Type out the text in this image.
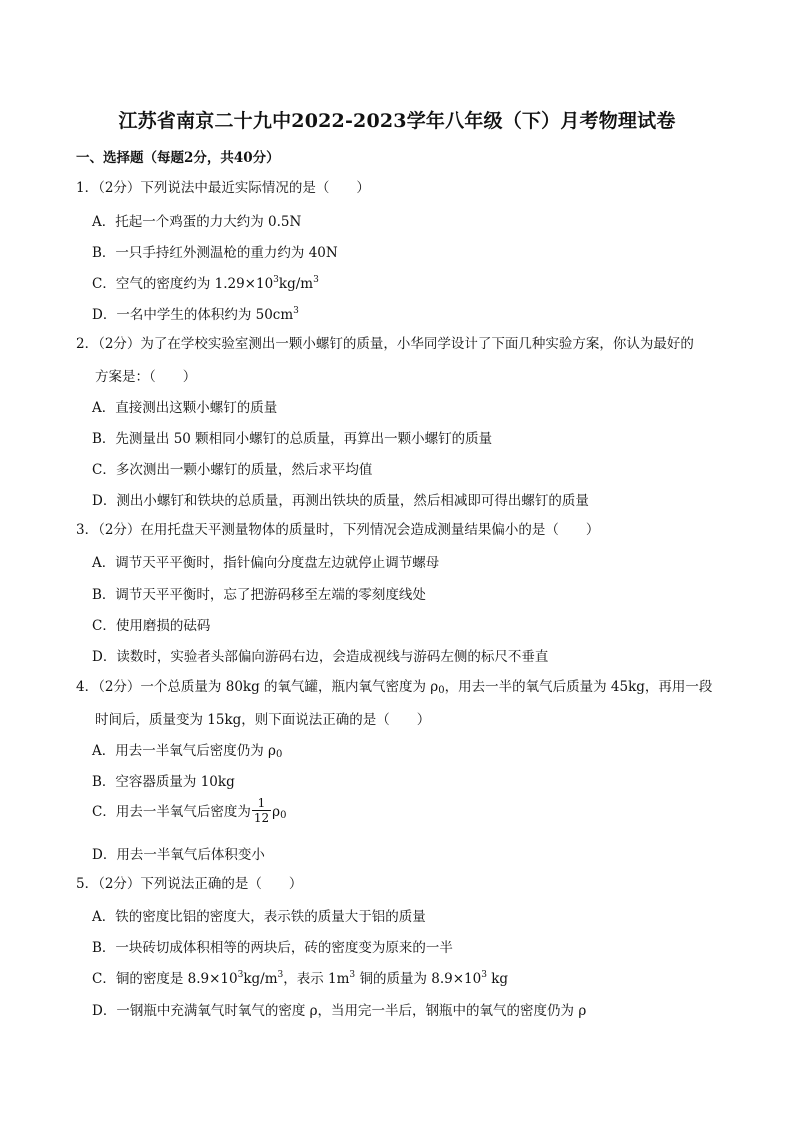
江苏省南京二十九中2022-2023学年八年级（下）月考物理试卷
一、选择题（每题2分，共40分）
1．（2分）下列说法中最近实际情况的是（　　）
A．托起一个鸡蛋的力大约为 0.5N
B．一只手持红外测温枪的重力约为 40N
C．空气的密度约为 $1.29\times 10^3kg/m^3$
D．一名中学生的体积约为 $50cm^3$
2．（2分）为了在学校实验室测出一颗小螺钉的质量，小华同学设计了下面几种实验方案，你认为最好的
方案是：（　　）
A．直接测出这颗小螺钉的质量
B．先测量出 50 颗相同小螺钉的总质量，再算出一颗小螺钉的质量
C．多次测出一颗小螺钉的质量，然后求平均值
D．测出小螺钉和铁块的总质量，再测出铁块的质量，然后相减即可得出螺钉的质量
3．（2分）在用托盘天平测量物体的质量时，下列情况会造成测量结果偏小的是（　　）
A．调节天平平衡时，指针偏向分度盘左边就停止调节螺母
B．调节天平平衡时，忘了把游码移至左端的零刻度线处
C．使用磨损的砝码
D．读数时，实验者头部偏向游码右边，会造成视线与游码左侧的标尺不垂直
4．（2分）一个总质量为 80kg 的氧气罐，瓶内氧气密度为 $\rho_0$，用去一半的氧气后质量为 45kg，再用一段
时间后，质量变为 15kg，则下面说法正确的是（　　）
A．用去一半氧气后密度仍为 $\rho_0$
B．空容器质量为 10kg
C．用去一半氧气后密度为 $\frac{1}{12} \rho_0$
D．用去一半氧气后体积变小
5．（2分）下列说法正确的是（　　）
A．铁的密度比铝的密度大，表示铁的质量大于铝的质量
B．一块砖切成体积相等的两块后，砖的密度变为原来的一半
C．铜的密度是 $8.9\times 10^3kg/m^3$，表示 $1m^3$ 铜的质量为 $8.9\times 10^3$ kg
D．一钢瓶中充满氧气时氧气的密度 ρ，当用完一半后，钢瓶中的氧气的密度仍为 ρ
